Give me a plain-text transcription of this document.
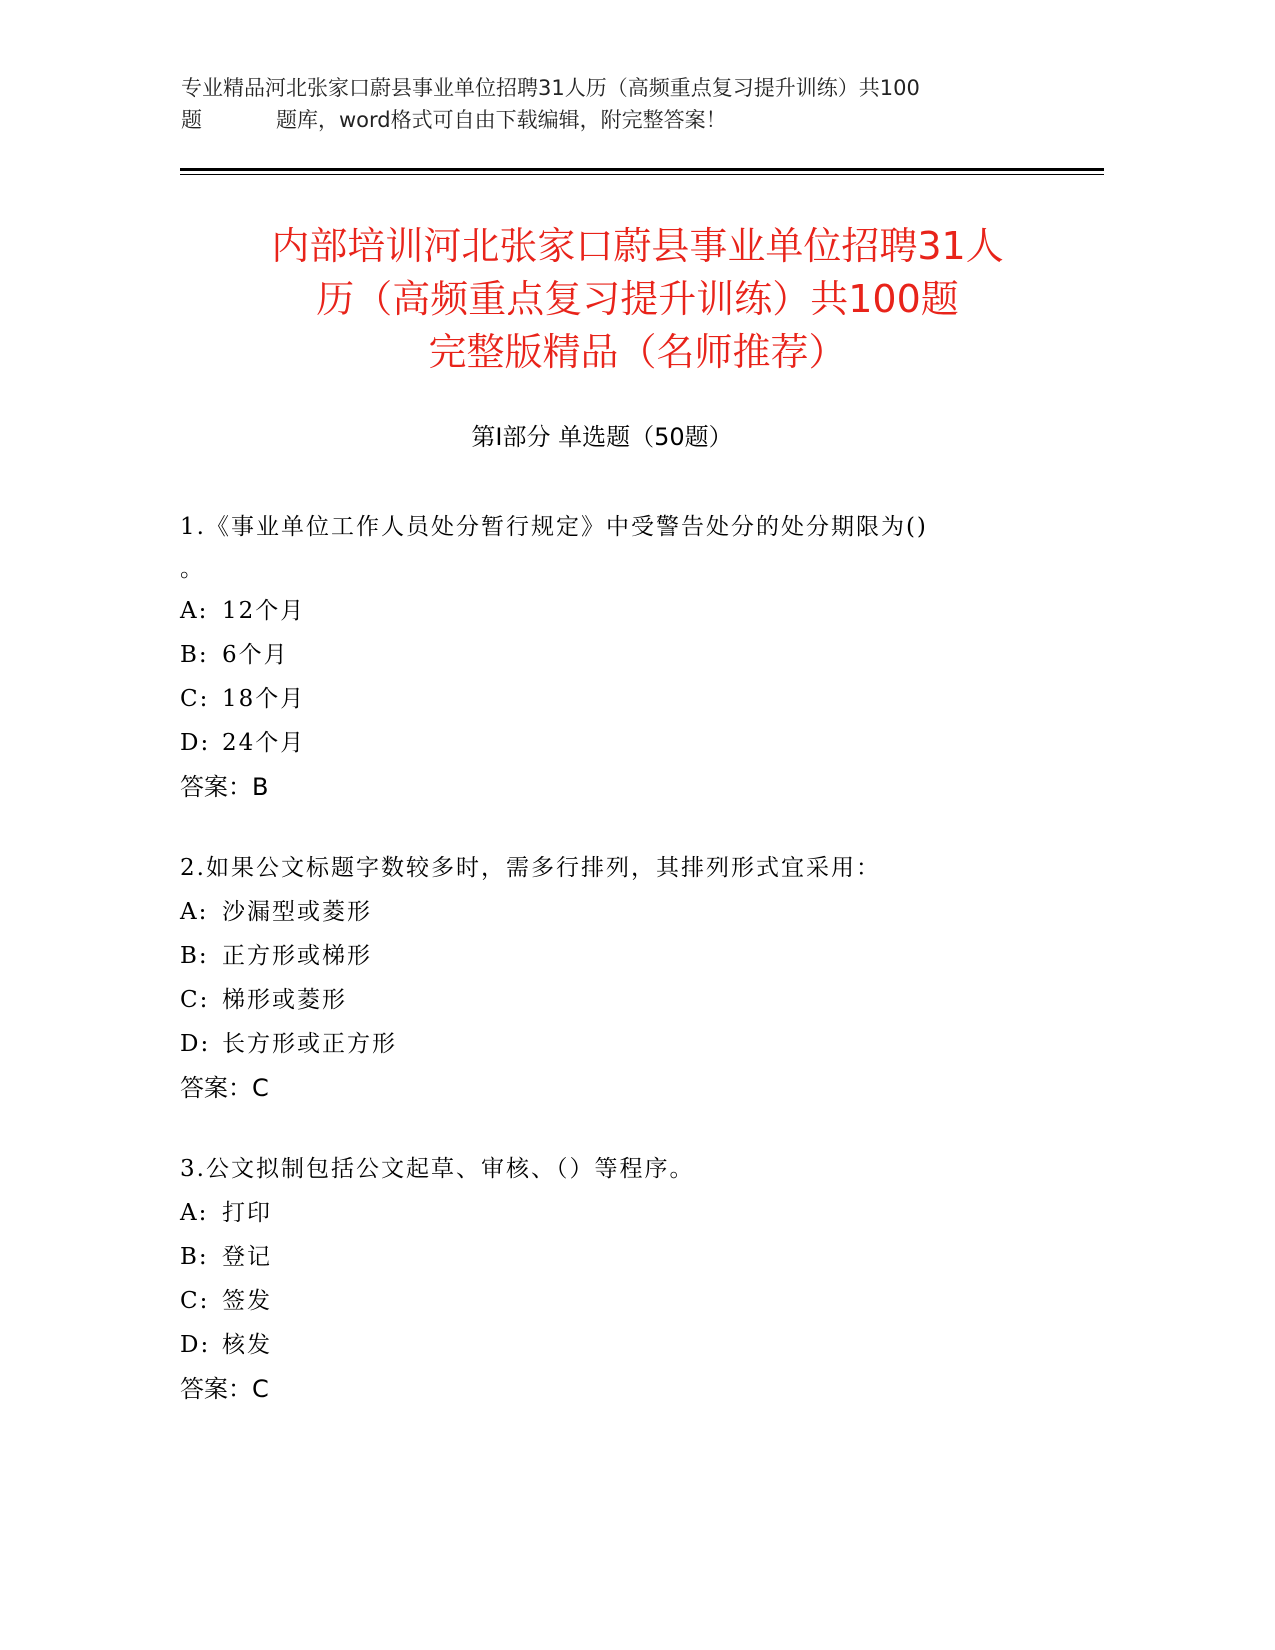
专业精品河北张家口蔚县事业单位招聘31人历（高频重点复习提升训练）共100
题	题库，word格式可自由下载编辑，附完整答案！
内部培训河北张家口蔚县事业单位招聘31人
历（高频重点复习提升训练）共100题
完整版精品（名师推荐）
第Ⅰ部分 单选题（50题）
1.《事业单位工作人员处分暂行规定》中受警告处分的处分期限为()
。
A: 12个月
B: 6个月
C: 18个月
D: 24个月
答案：B
2.如果公文标题字数较多时，需多行排列，其排列形式宜采用：
A: 沙漏型或菱形
B: 正方形或梯形
C: 梯形或菱形
D: 长方形或正方形
答案：C
3.公文拟制包括公文起草、审核、（）等程序。
A: 打印
B: 登记
C: 签发
D: 核发
答案：C
